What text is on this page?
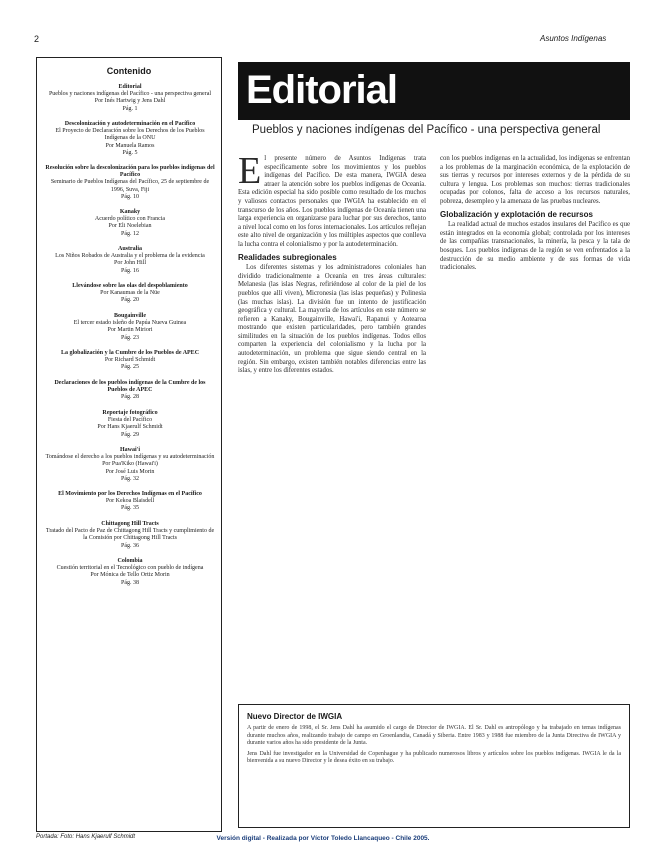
2	Asuntos Indígenas
Contenido
Editorial
Pueblos y naciones indígenas del Pacífico - una perspectiva general
Por Inés Hartwig y Jens Dahl
Pág. 1
Descolonización y autodeterminación en el Pacífico
El Proyecto de Declaración sobre los Derechos de los Pueblos Indígenas de la ONU
Por Manuela Ramos
Pág. 5
Resolución sobre la descolonización para los pueblos indígenas del Pacífico
Seminario de Pueblos Indígenas del Pacífico, 25 de septiembre de 1996, Suva, Fiji
Pág. 10
Kanaky
Acuerdo político con Francia
Por Eli Noelebian
Pág. 12
Australia
Los Niños Robados de Australia y el problema de la evidencia
Por John Hill
Pág. 16
Llevándose sobre las olas del despoblamiento
Por Kanaumas de la Nüe
Pág. 20
Bougainville
El tercer estado isleño de Papúa Nueva Guinea
Por Martin Miriori
Pág. 23
La globalización y la Cumbre de los Pueblos de APEC
Por Richard Schmidt
Pág. 25
Declaraciones de los pueblos indígenas de la Cumbre de los Pueblos de APEC
Pág. 28
Reportaje fotográfico
Fiesta del Pacífico
Por Hans Kjaerulf Schmidt
Pág. 29
Hawai'i
Tomándose el derecho a los pueblos indígenas y su autodeterminación
Por Pua'Kiko (Hawai'i)
Por José Luis Morin
Pág. 32
El Movimiento por los Derechos Indígenas en el Pacífico
Por Kekoa Blaisdell
Pág. 35
Chittagong Hill Tracts
Tratado del Pacto de Paz de Chittagong Hill Tracts y cumplimiento de la Comisión por Chittagong Hill Tracts
Pág. 36
Colombia
Cuestión territorial en el Tecnológico con pueblo de indígena
Por Mónica de Tello Ortiz Morin
Pág. 38
Portada: Foto: Hans Kjaerulf Schmidt
Editorial
Pueblos y naciones indígenas del Pacífico - una perspectiva general
E l presente número de Asuntos Indígenas trata específicamente sobre los movimientos y los pueblos indígenas del Pacífico. De esta manera, IWGIA desea atraer la atención sobre los pueblos indígenas de Oceanía. Esta edición especial ha sido posible como resultado de los muchos y valiosos contactos personales que IWGIA ha establecido en el transcurso de los años. Los pueblos indígenas de Oceanía tienen una larga experiencia en organizarse para luchar por sus derechos, tanto a nivel local como en los foros internacionales. Los artículos reflejan este alto nivel de organización y los múltiples aspectos que conlleva la lucha contra el colonialismo y por la autodeterminación.

Realidades subregionales

Los diferentes sistemas y los administradores coloniales han dividido tradicionalmente a Oceanía en tres áreas culturales: Melanesia (las islas Negras, refiriéndose al color de la piel de los pueblos que allí viven), Micronesia (las islas pequeñas) y Polinesia (las muchas islas). La división fue un intento de justificación geográfica y cultural. La mayoría de los artículos en este número se refieren a Kanaky, Bougainville, Hawai'i, Rapanui y Aotearoa mostrando que existen particularidades, pero también grandes similitudes en la situación de los pueblos indígenas. Todos ellos comparten la experiencia del colonialismo y la lucha por la autodeterminación, un problema que sigue siendo central en la región. Sin embargo, existen también notables diferencias entre las islas, y entre los diferentes estados.

con los pueblos indígenas en la actualidad, los indígenas se enfrentan a los problemas de la marginación económica, de la explotación de sus tierras y recursos por intereses externos y de la pérdida de su cultura y lengua. Los problemas son muchos: tierras tradicionales ocupadas por colonos, falta de acceso a los recursos naturales, pobreza, desempleo y la amenaza de las pruebas nucleares.

Globalización y explotación de recursos

La realidad actual de muchos estados insulares del Pacífico es que están integrados en la economía global; controlada por los intereses de las compañías transnacionales, la minería, la pesca y la tala de bosques. Los pueblos indígenas de la región se ven enfrentados a la destrucción de su medio ambiente y de sus formas de vida tradicionales.

Nuevo Director de IWGIA

A partir de enero de 1998, el Sr. Jens Dahl ha asumido el cargo de Director de IWGIA. El Sr. Dahl es antropólogo y ha trabajado en temas indígenas durante muchos años, realizando trabajo de campo en Groenlandia, Canadá y Siberia. Entre 1983 y 1988 fue miembro de la Junta Directiva de IWGIA y durante varios años ha sido presidente de la Junta.

Jens Dahl fue investigador en la Universidad de Copenhague y ha publicado numerosos libros y artículos sobre los pueblos indígenas. IWGIA le da la bienvenida a su nuevo Director y le desea éxito en su trabajo.

Versión digital - Realizada por Víctor Toledo Llancaqueo - Chile 2005.
